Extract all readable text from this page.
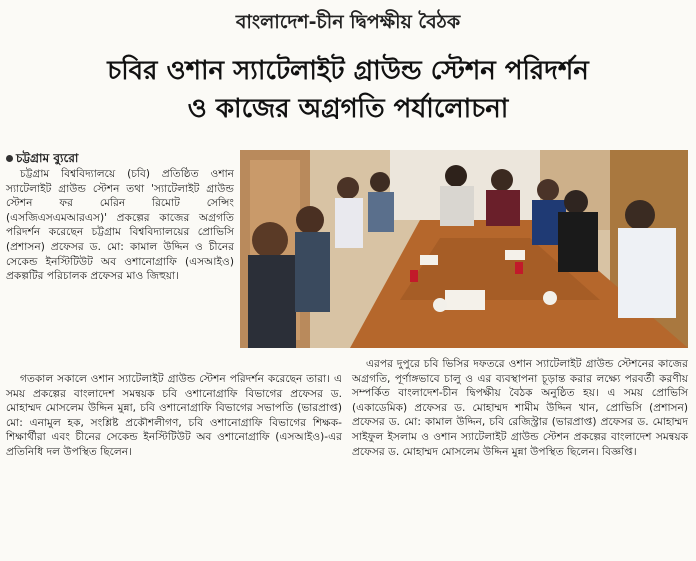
বাংলাদেশ-চীন দ্বিপক্ষীয় বৈঠক
চবির ওশান স্যাটেলাইট গ্রাউন্ড স্টেশন পরিদর্শন
ও কাজের অগ্রগতি পর্যালোচনা
চট্টগ্রাম ব্যুরো

চট্টগ্রাম বিশ্ববিদ্যালয়ে (চবি) প্রতিষ্ঠিত ওশান স্যাটেলাইট গ্রাউন্ড স্টেশন তথা 'স্যাটেলাইট গ্রাউন্ড স্টেশন ফর মেরিন রিমোট সেন্সিং (এসজিএসএমআরএস)' প্রকল্পের কাজের অগ্রগতি পরিদর্শন করেছেন চট্টগ্রাম বিশ্ববিদ্যালয়ের প্রোভিসি (প্রশাসন) প্রফেসর ড. মো: কামাল উদ্দিন ও চীনের সেকেন্ড ইনস্টিটিউট অব ওশানোগ্রাফি (এসআইও) প্রকল্পটির পরিচালক প্রফেসর মাও জিহুয়া।

গতকাল সকালে ওশান স্যাটেলাইট গ্রাউন্ড স্টেশন পরিদর্শন করেছেন তারা। এ সময় প্রকল্পের বাংলাদেশ সমন্বয়ক চবি ওশানোগ্রাফি বিভাগের প্রফেসর ড. মোহাম্মদ মোসলেম উদ্দিন মুন্না, চবি ওশানোগ্রাফি বিভাগের সভাপতি (ভারপ্রাপ্ত) মো: এনামুল হক, সংশ্লিষ্ট প্রকৌশলীগণ, চবি ওশানোগ্রাফি বিভাগের শিক্ষক-শিক্ষার্থীরা এবং চীনের সেকেন্ড ইনস্টিটিউট অব ওশানোগ্রাফি (এসআইও)-এর প্রতিনিধি দল উপস্থিত ছিলেন।

এরপর দুপুরে চবি ভিসির দফতরে ওশান স্যাটেলাইট গ্রাউন্ড স্টেশনের কাজের অগ্রগতি, পূর্ণাঙ্গভাবে চালু ও এর ব্যবস্থাপনা চূড়ান্ত করার লক্ষ্যে পরবর্তী করণীয় সম্পর্কিত বাংলাদেশ-চীন দ্বিপক্ষীয় বৈঠক অনুষ্ঠিত হয়। এ সময় প্রোভিসি (একাডেমিক) প্রফেসর ড. মোহাম্মদ শামীম উদ্দিন খান, প্রোভিসি (প্রশাসন) প্রফেসর ড. মো: কামাল উদ্দিন, চবি রেজিস্ট্রার (ভারপ্রাপ্ত) প্রফেসর ড. মোহাম্মদ সাইফুল ইসলাম ও ওশান স্যাটেলাইট গ্রাউন্ড স্টেশন প্রকল্পের বাংলাদেশ সমন্বয়ক প্রফেসর ড. মোহাম্মদ মোসলেম উদ্দিন মুন্না উপস্থিত ছিলেন। বিজ্ঞপ্তি।
